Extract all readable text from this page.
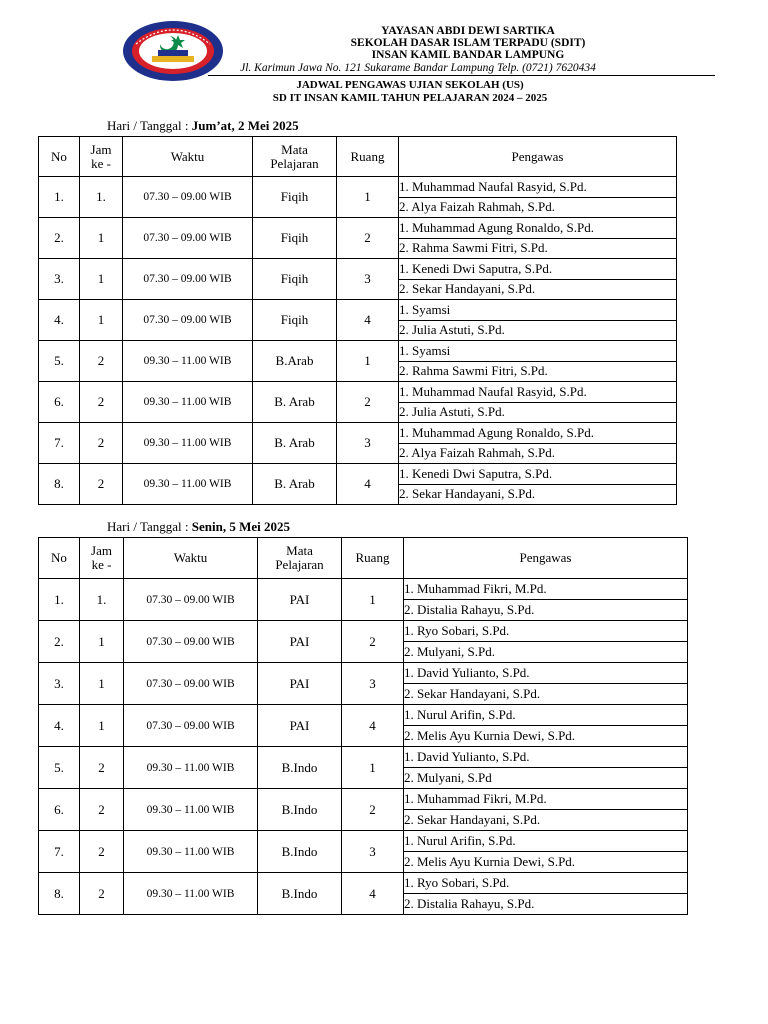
YAYASAN ABDI DEWI SARTIKA
SEKOLAH DASAR ISLAM TERPADU (SDIT)
INSAN KAMIL BANDAR LAMPUNG
Jl. Karimun Jawa No. 121 Sukarame Bandar Lampung Telp. (0721) 7620434
JADWAL PENGAWAS UJIAN SEKOLAH (US)
SD IT INSAN KAMIL TAHUN PELAJARAN 2024 – 2025
Hari / Tanggal : Jum’at, 2 Mei 2025
No	Jam
ke -	Waktu	Mata
Pelajaran	Ruang	Pengawas
1.	1.	07.30 – 09.00 WIB	Fiqih	1	1. Muhammad Naufal Rasyid, S.Pd.
					2. Alya Faizah Rahmah, S.Pd.
2.	1	07.30 – 09.00 WIB	Fiqih	2	1. Muhammad Agung Ronaldo, S.Pd.
					2. Rahma Sawmi Fitri, S.Pd.
3.	1	07.30 – 09.00 WIB	Fiqih	3	1. Kenedi Dwi Saputra, S.Pd.
					2. Sekar Handayani, S.Pd.
4.	1	07.30 – 09.00 WIB	Fiqih	4	1. Syamsi
					2. Julia Astuti, S.Pd.
5.	2	09.30 – 11.00 WIB	B.Arab	1	1. Syamsi
					2. Rahma Sawmi Fitri, S.Pd.
6.	2	09.30 – 11.00 WIB	B. Arab	2	1. Muhammad Naufal Rasyid, S.Pd.
					2. Julia Astuti, S.Pd.
7.	2	09.30 – 11.00 WIB	B. Arab	3	1. Muhammad Agung Ronaldo, S.Pd.
					2. Alya Faizah Rahmah, S.Pd.
8.	2	09.30 – 11.00 WIB	B. Arab	4	1. Kenedi Dwi Saputra, S.Pd.
					2. Sekar Handayani, S.Pd.
Hari / Tanggal : Senin, 5 Mei 2025
No	Jam
ke -	Waktu	Mata
Pelajaran	Ruang	Pengawas
1.	1.	07.30 – 09.00 WIB	PAI	1	1. Muhammad Fikri, M.Pd.
					2. Distalia Rahayu, S.Pd.
2.	1	07.30 – 09.00 WIB	PAI	2	1. Ryo Sobari, S.Pd.
					2. Mulyani, S.Pd.
3.	1	07.30 – 09.00 WIB	PAI	3	1. David Yulianto, S.Pd.
					2. Sekar Handayani, S.Pd.
4.	1	07.30 – 09.00 WIB	PAI	4	1. Nurul Arifin, S.Pd.
					2. Melis Ayu Kurnia Dewi, S.Pd.
5.	2	09.30 – 11.00 WIB	B.Indo	1	1. David Yulianto, S.Pd.
					2. Mulyani, S.Pd
6.	2	09.30 – 11.00 WIB	B.Indo	2	1. Muhammad Fikri, M.Pd.
					2. Sekar Handayani, S.Pd.
7.	2	09.30 – 11.00 WIB	B.Indo	3	1. Nurul Arifin, S.Pd.
					2. Melis Ayu Kurnia Dewi, S.Pd.
8.	2	09.30 – 11.00 WIB	B.Indo	4	1. Ryo Sobari, S.Pd.
					2. Distalia Rahayu, S.Pd.
